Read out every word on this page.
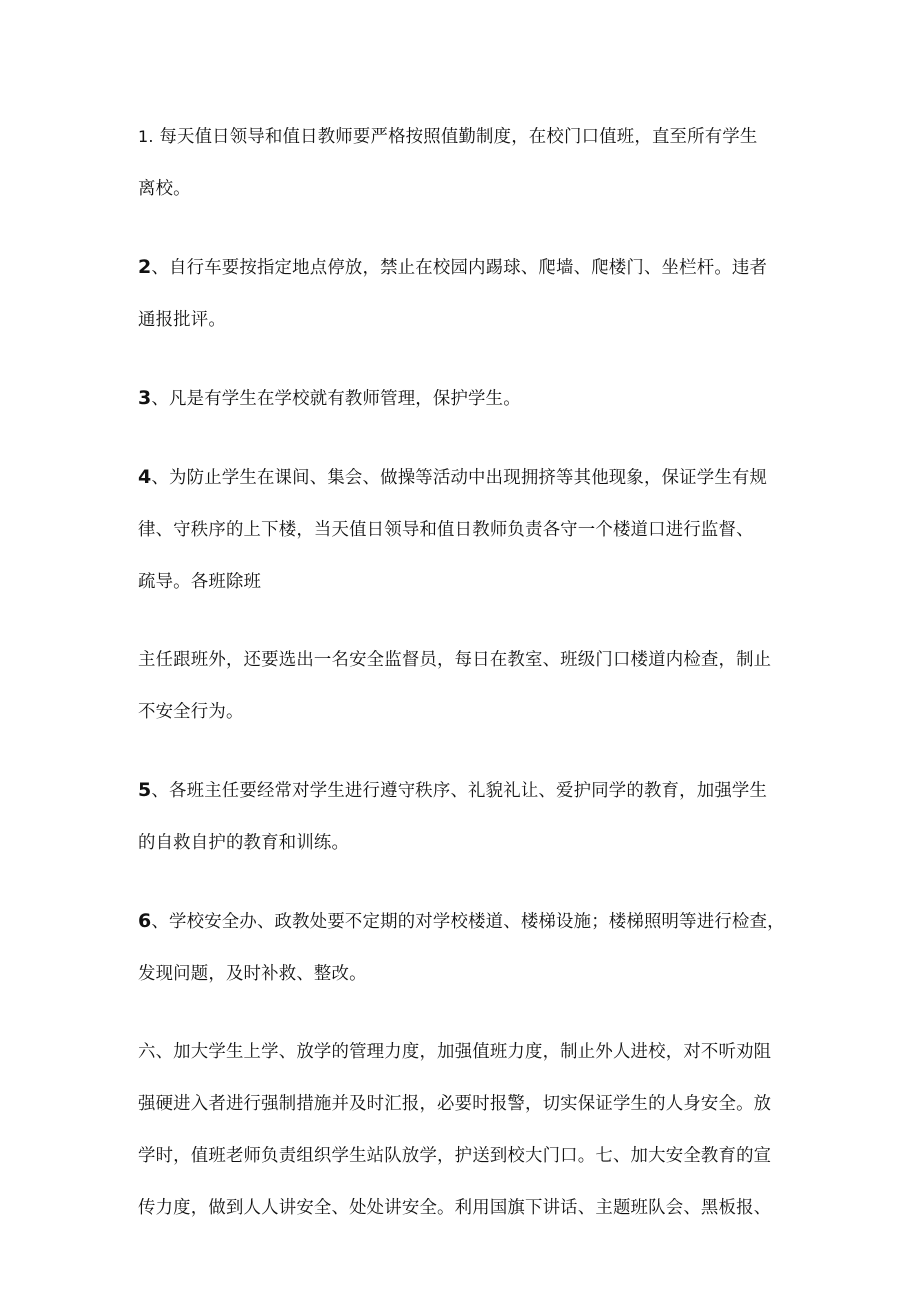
1. 每天值日领导和值日教师要严格按照值勤制度，在校门口值班，直至所有学生
离校。

2、自行车要按指定地点停放，禁止在校园内踢球、爬墙、爬楼门、坐栏杆。违者
通报批评。

3、凡是有学生在学校就有教师管理，保护学生。

4、为防止学生在课间、集会、做操等活动中出现拥挤等其他现象，保证学生有规
律、守秩序的上下楼，当天值日领导和值日教师负责各守一个楼道口进行监督、
疏导。各班除班

主任跟班外，还要选出一名安全监督员，每日在教室、班级门口楼道内检查，制止
不安全行为。

5、各班主任要经常对学生进行遵守秩序、礼貌礼让、爱护同学的教育，加强学生
的自救自护的教育和训练。

6、学校安全办、政教处要不定期的对学校楼道、楼梯设施；楼梯照明等进行检查，
发现问题，及时补救、整改。

六、加大学生上学、放学的管理力度，加强值班力度，制止外人进校，对不听劝阻
强硬进入者进行强制措施并及时汇报，必要时报警，切实保证学生的人身安全。放
学时，值班老师负责组织学生站队放学，护送到校大门口。七、加大安全教育的宣
传力度，做到人人讲安全、处处讲安全。利用国旗下讲话、主题班队会、黑板报、
